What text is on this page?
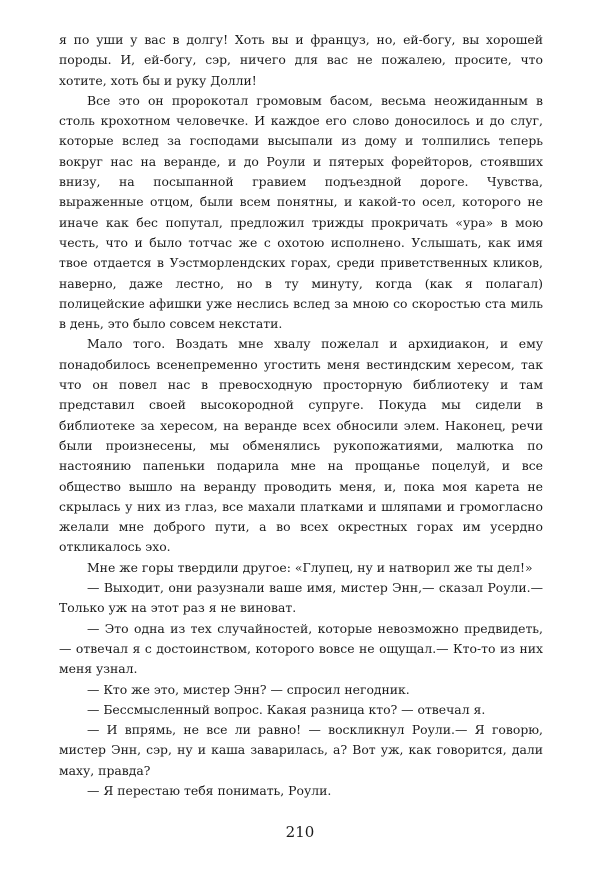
я по уши у вас в долгу! Хоть вы и француз, но, ей-богу, вы хорошей породы. И, ей-богу, сэр, ничего для вас не пожалею, просите, что хотите, хоть бы и руку Долли!

Все это он пророкотал громовым басом, весьма неожиданным в столь крохотном человечке. И каждое его слово доносилось и до слуг, которые вслед за господами высыпали из дому и толпились теперь вокруг нас на веранде, и до Роули и пятерых форейторов, стоявших внизу, на посыпанной гравием подъездной дороге. Чувства, выраженные отцом, были всем понятны, и какой-то осел, которого не иначе как бес попутал, предложил трижды прокричать «ура» в мою честь, что и было тотчас же с охотою исполнено. Услышать, как имя твое отдается в Уэстморлендских горах, среди приветственных кликов, наверно, даже лестно, но в ту минуту, когда (как я полагал) полицейские афишки уже неслись вслед за мною со скоростью ста миль в день, это было совсем некстати.

Мало того. Воздать мне хвалу пожелал и архидиакон, и ему понадобилось всенепременно угостить меня вестиндским хересом, так что он повел нас в превосходную просторную библиотеку и там представил своей высокородной супруге. Покуда мы сидели в библиотеке за хересом, на веранде всех обносили элем. Наконец, речи были произнесены, мы обменялись рукопожатиями, малютка по настоянию папеньки подарила мне на прощанье поцелуй, и все общество вышло на веранду проводить меня, и, пока моя карета не скрылась у них из глаз, все махали платками и шляпами и громогласно желали мне доброго пути, а во всех окрестных горах им усердно откликалось эхо.

Мне же горы твердили другое: «Глупец, ну и натворил же ты дел!»

— Выходит, они разузнали ваше имя, мистер Энн,— сказал Роули.— Только уж на этот раз я не виноват.

— Это одна из тех случайностей, которые невозможно предвидеть,— отвечал я с достоинством, которого вовсе не ощущал.— Кто-то из них меня узнал.

— Кто же это, мистер Энн? — спросил негодник.

— Бессмысленный вопрос. Какая разница кто? — отвечал я.

— И впрямь, не все ли равно! — воскликнул Роули.— Я говорю, мистер Энн, сэр, ну и каша заварилась, а? Вот уж, как говорится, дали маху, правда?

— Я перестаю тебя понимать, Роули.

210
